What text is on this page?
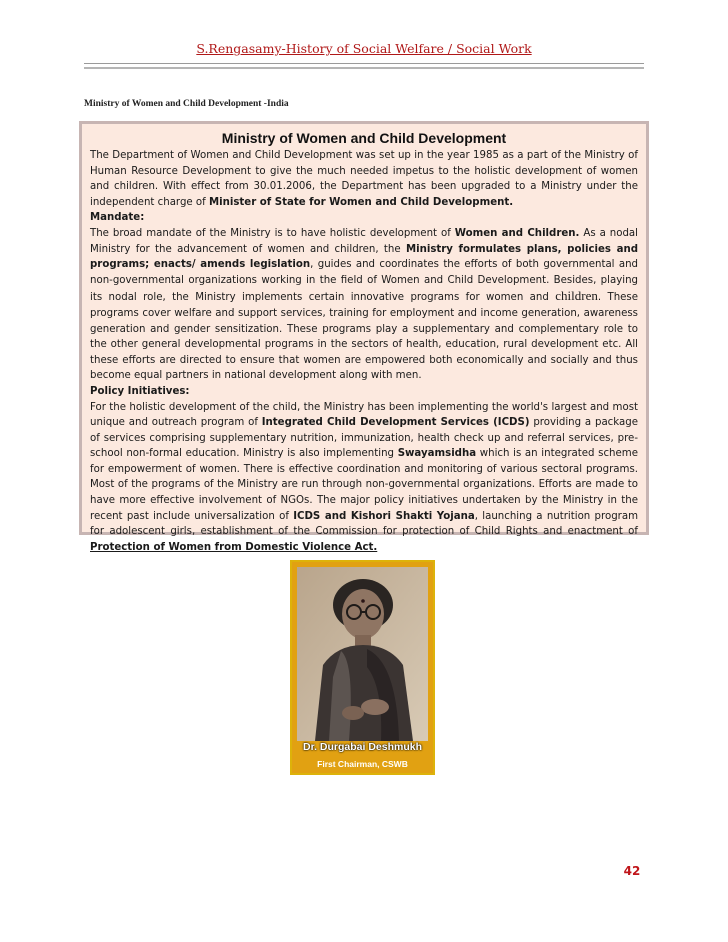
S.Rengasamy-History of Social Welfare / Social Work
Ministry of Women and Child Development -India
Ministry of Women and Child Development

The Department of Women and Child Development was set up in the year 1985 as a part of the Ministry of Human Resource Development to give the much needed impetus to the holistic development of women and children. With effect from 30.01.2006, the Department has been upgraded to a Ministry under the independent charge of Minister of State for Women and Child Development.

Mandate:

The broad mandate of the Ministry is to have holistic development of Women and Children. As a nodal Ministry for the advancement of women and children, the Ministry formulates plans, policies and programs; enacts/ amends legislation, guides and coordinates the efforts of both governmental and non-governmental organizations working in the field of Women and Child Development. Besides, playing its nodal role, the Ministry implements certain innovative programs for women and children. These programs cover welfare and support services, training for employment and income generation, awareness generation and gender sensitization. These programs play a supplementary and complementary role to the other general developmental programs in the sectors of health, education, rural development etc. All these efforts are directed to ensure that women are empowered both economically and socially and thus become equal partners in national development along with men.

Policy Initiatives:

For the holistic development of the child, the Ministry has been implementing the world's largest and most unique and outreach program of Integrated Child Development Services (ICDS) providing a package of services comprising supplementary nutrition, immunization, health check up and referral services, pre-school non-formal education. Ministry is also implementing Swayamsidha which is an integrated scheme for empowerment of women. There is effective coordination and monitoring of various sectoral programs. Most of the programs of the Ministry are run through non-governmental organizations. Efforts are made to have more effective involvement of NGOs. The major policy initiatives undertaken by the Ministry in the recent past include universalization of ICDS and Kishori Shakti Yojana, launching a nutrition program for adolescent girls, establishment of the Commission for protection of Child Rights and enactment of Protection of Women from Domestic Violence Act.

Dr. Durgabai Deshmukh
First Chairman, CSWB
42
